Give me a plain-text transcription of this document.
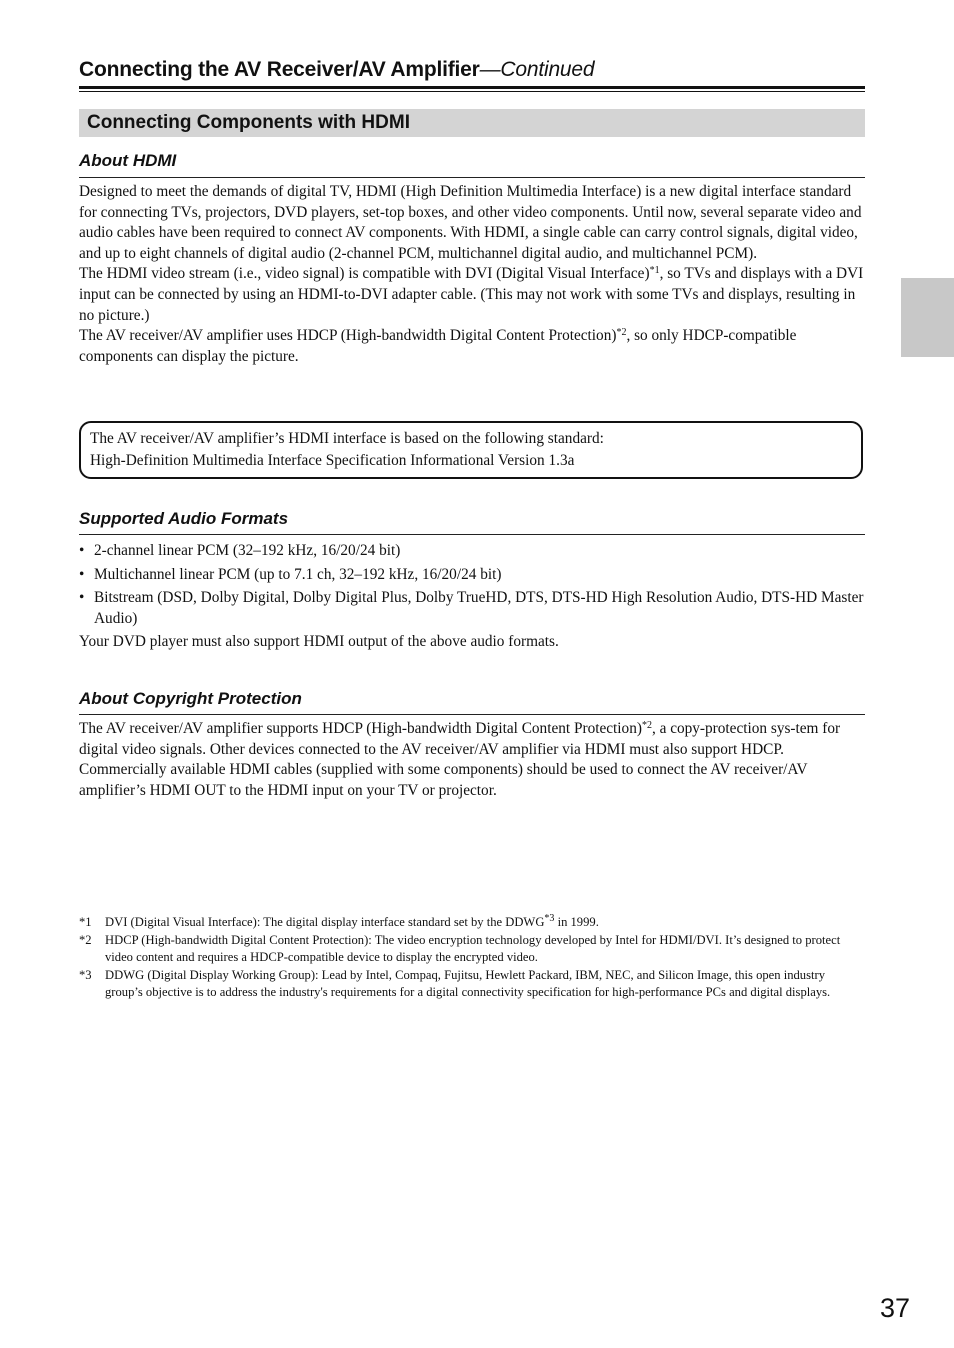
Connecting the AV Receiver/AV Amplifier—Continued
Connecting Components with HDMI
About HDMI

Designed to meet the demands of digital TV, HDMI (High Definition Multimedia Interface) is a new digital interface standard for connecting TVs, projectors, DVD players, set-top boxes, and other video components. Until now, several separate video and audio cables have been required to connect AV components. With HDMI, a single cable can carry control signals, digital video, and up to eight channels of digital audio (2-channel PCM, multichannel digital audio, and multichannel PCM).

The HDMI video stream (i.e., video signal) is compatible with DVI (Digital Visual Interface)$^{*1}$, so TVs and displays with a DVI input can be connected by using an HDMI-to-DVI adapter cable. (This may not work with some TVs and displays, resulting in no picture.)

The AV receiver/AV amplifier uses HDCP (High-bandwidth Digital Content Protection)$^{*2}$, so only HDCP-compatible components can display the picture.

The AV receiver/AV amplifier’s HDMI interface is based on the following standard:
High-Definition Multimedia Interface Specification Informational Version 1.3a
Supported Audio Formats
• 2-channel linear PCM (32–192 kHz, 16/20/24 bit)
• Multichannel linear PCM (up to 7.1 ch, 32–192 kHz, 16/20/24 bit)
• Bitstream (DSD, Dolby Digital, Dolby Digital Plus, Dolby TrueHD, DTS, DTS-HD High Resolution Audio, DTS-HD Master Audio)
Your DVD player must also support HDMI output of the above audio formats.
About Copyright Protection

The AV receiver/AV amplifier supports HDCP (High-bandwidth Digital Content Protection)$^{*2}$, a copy-protection sys-tem for digital video signals. Other devices connected to the AV receiver/AV amplifier via HDMI must also support HDCP.

Commercially available HDMI cables (supplied with some components) should be used to connect the AV receiver/AV amplifier’s HDMI OUT to the HDMI input on your TV or projector.

*1 DVI (Digital Visual Interface): The digital display interface standard set by the DDWG$^{*3}$ in 1999.
*2 HDCP (High-bandwidth Digital Content Protection): The video encryption technology developed by Intel for HDMI/DVI. It’s designed to protect video content and requires a HDCP-compatible device to display the encrypted video.
*3 DDWG (Digital Display Working Group): Lead by Intel, Compaq, Fujitsu, Hewlett Packard, IBM, NEC, and Silicon Image, this open industry group’s objective is to address the industry's requirements for a digital connectivity specification for high-performance PCs and digital displays.
37
